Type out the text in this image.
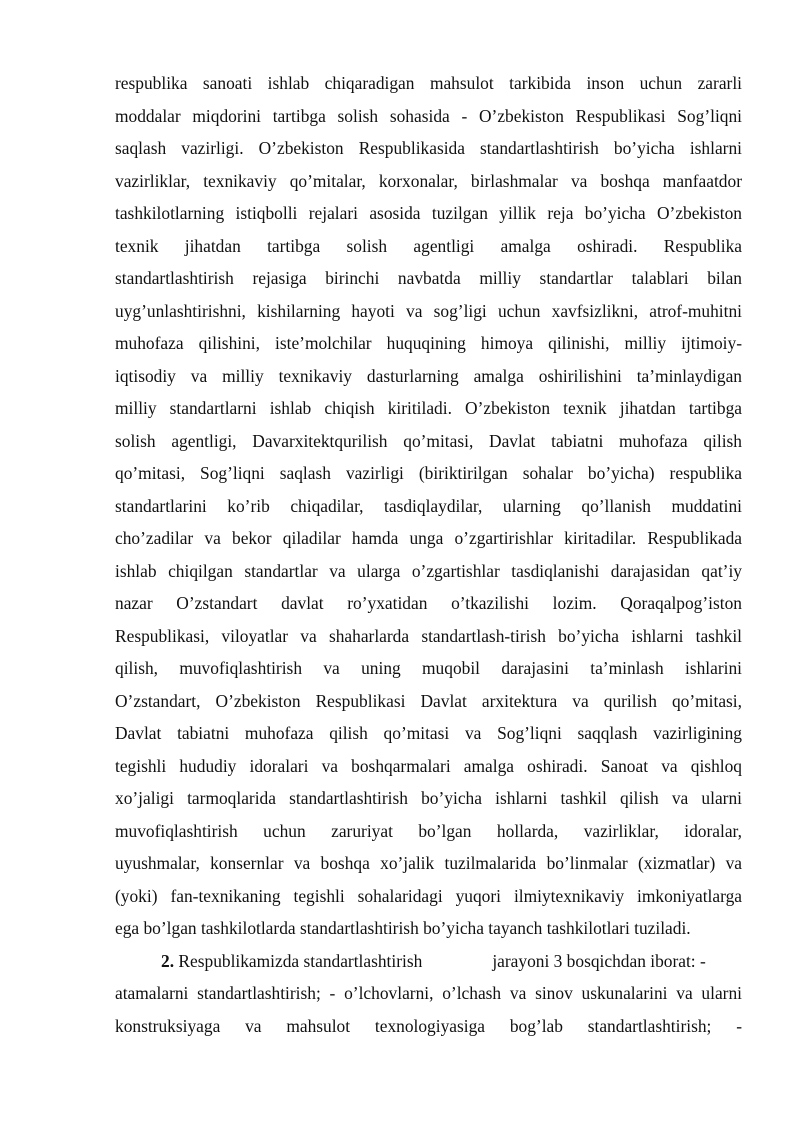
respublika sanoati ishlab chiqaradigan mahsulot tarkibida inson uchun zararli
moddalar miqdorini tartibga solish sohasida - O’zbekiston Respublikasi Sog’liqni
saqlash vazirligi. O’zbekiston Respublikasida standartlashtirish bo’yicha ishlarni
vazirliklar, texnikaviy qo’mitalar, korxonalar, birlashmalar va boshqa manfaatdor
tashkilotlarning istiqbolli rejalari asosida tuzilgan yillik reja bo’yicha O’zbekiston
texnik jihatdan tartibga solish agentligi amalga oshiradi. Respublika
standartlashtirish rejasiga birinchi navbatda milliy standartlar talablari bilan
uyg’unlashtirishni, kishilarning hayoti va sog’ligi uchun xavfsizlikni, atrof-muhitni
muhofaza qilishini, iste’molchilar huquqining himoya qilinishi, milliy ijtimoiy-
iqtisodiy va milliy texnikaviy dasturlarning amalga oshirilishini ta’minlaydigan
milliy standartlarni ishlab chiqish kiritiladi. O’zbekiston texnik jihatdan tartibga
solish agentligi, Davarxitektqurilish qo’mitasi, Davlat tabiatni muhofaza qilish
qo’mitasi, Sog’liqni saqlash vazirligi (biriktirilgan sohalar bo’yicha) respublika
standartlarini ko’rib chiqadilar, tasdiqlaydilar, ularning qo’llanish muddatini
cho’zadilar va bekor qiladilar hamda unga o’zgartirishlar kiritadilar. Respublikada
ishlab chiqilgan standartlar va ularga o’zgartishlar tasdiqlanishi darajasidan qat’iy
nazar O’zstandart davlat ro’yxatidan o’tkazilishi lozim. Qoraqalpog’iston
Respublikasi, viloyatlar va shaharlarda standartlash-tirish bo’yicha ishlarni tashkil
qilish, muvofiqlashtirish va uning muqobil darajasini ta’minlash ishlarini
O’zstandart, O’zbekiston Respublikasi Davlat arxitektura va qurilish qo’mitasi,
Davlat tabiatni muhofaza qilish qo’mitasi va Sog’liqni saqqlash vazirligining
tegishli hududiy idoralari va boshqarmalari amalga oshiradi. Sanoat va qishloq
xo’jaligi tarmoqlarida standartlashtirish bo’yicha ishlarni tashkil qilish va ularni
muvofiqlashtirish uchun zaruriyat bo’lgan hollarda, vazirliklar, idoralar,
uyushmalar, konsernlar va boshqa xo’jalik tuzilmalarida bo’linmalar (xizmatlar) va
(yoki) fan-texnikaning tegishli sohalaridagi yuqori ilmiytexnikaviy imkoniyatlarga
ega bo’lgan tashkilotlarda standartlashtirish bo’yicha tayanch tashkilotlari tuziladi.
2. Respublikamizda standartlashtirish	jarayoni 3 bosqichdan iborat: -
atamalarni standartlashtirish; - o’lchovlarni, o’lchash va sinov uskunalarini va ularni
konstruksiyaga va mahsulot texnologiyasiga bog’lab standartlashtirish; -
